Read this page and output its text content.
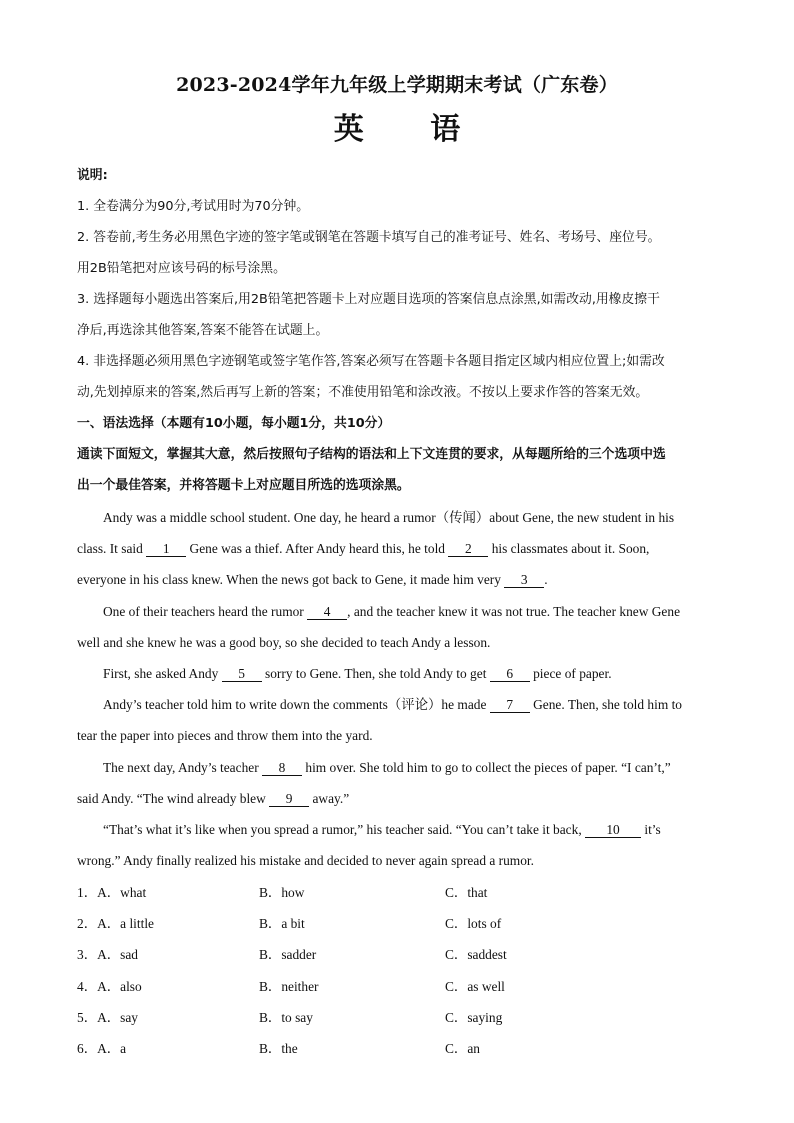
2023-2024学年九年级上学期期末考试（广东卷）
英 语
说明:
1. 全卷满分为90分,考试用时为70分钟。
2. 答卷前,考生务必用黑色字迹的签字笔或钢笔在答题卡填写自己的准考证号、姓名、考场号、座位号。
用2B铅笔把对应该号码的标号涂黑。
3. 选择题每小题选出答案后,用2B铅笔把答题卡上对应题目选项的答案信息点涂黑,如需改动,用橡皮擦干
净后,再选涂其他答案,答案不能答在试题上。
4. 非选择题必须用黑色字迹钢笔或签字笔作答,答案必须写在答题卡各题目指定区域内相应位置上;如需改
动,先划掉原来的答案,然后再写上新的答案；不准使用铅笔和涂改液。不按以上要求作答的答案无效。
一、语法选择（本题有10小题，每小题1分，共10分）
通读下面短文，掌握其大意，然后按照句子结构的语法和上下文连贯的要求，从每题所给的三个选项中选
出一个最佳答案，并将答题卡上对应题目所选的选项涂黑。
Andy was a middle school student. One day, he heard a rumor（传闻）about Gene, the new student in his
class. It said 1 Gene was a thief. After Andy heard this, he told 2 his classmates about it. Soon,
everyone in his class knew. When the news got back to Gene, it made him very 3 .
One of their teachers heard the rumor 4 , and the teacher knew it was not true. The teacher knew Gene
well and she knew he was a good boy, so she decided to teach Andy a lesson.
First, she asked Andy 5 sorry to Gene. Then, she told Andy to get 6 piece of paper.
Andy’s teacher told him to write down the comments（评论）he made 7 Gene. Then, she told him to
tear the paper into pieces and throw them into the yard.
The next day, Andy’s teacher 8 him over. She told him to go to collect the pieces of paper. “I can’t,”
said Andy. “The wind already blew 9 away.”
“That’s what it’s like when you spread a rumor,” his teacher said. “You can’t take it back, 10 it’s
wrong.” Andy finally realized his mistake and decided to never again spread a rumor.
1．A．what	B．how	C．that
2．A．a little	B．a bit	C．lots of
3．A．sad	B．sadder	C．saddest
4．A．also	B．neither	C．as well
5．A．say	B．to say	C．saying
6．A．a	B．the	C．an
